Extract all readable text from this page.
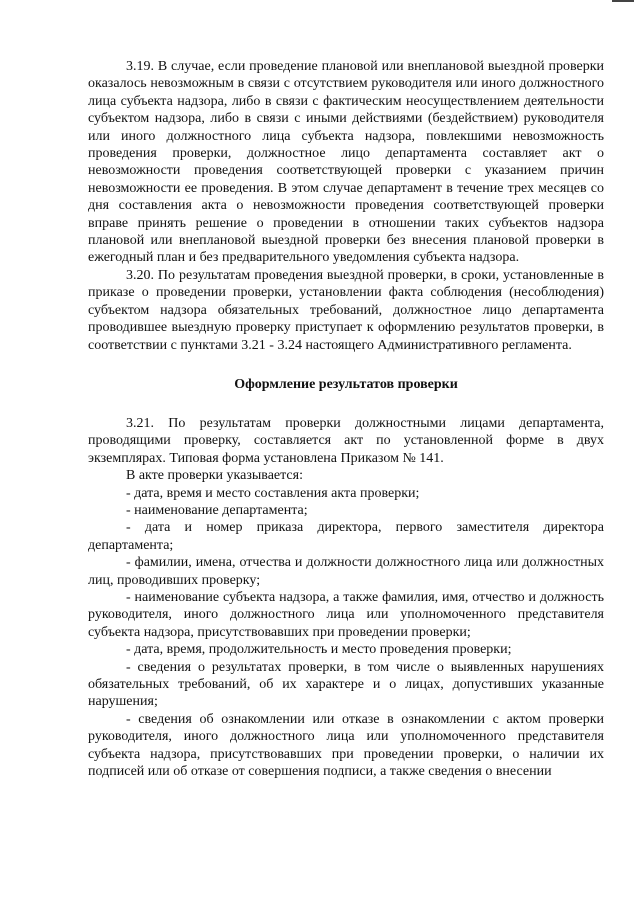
3.19. В случае, если проведение плановой или внеплановой выездной проверки оказалось невозможным в связи с отсутствием руководителя или иного должностного лица субъекта надзора, либо в связи с фактическим неосуществлением деятельности субъектом надзора, либо в связи с иными действиями (бездействием) руководителя или иного должностного лица субъекта надзора, повлекшими невозможность проведения проверки, должностное лицо департамента составляет акт о невозможности проведения соответствующей проверки с указанием причин невозможности ее проведения. В этом случае департамент в течение трех месяцев со дня составления акта о невозможности проведения соответствующей проверки вправе принять решение о проведении в отношении таких субъектов надзора плановой или внеплановой выездной проверки без внесения плановой проверки в ежегодный план и без предварительного уведомления субъекта надзора.

3.20. По результатам проведения выездной проверки, в сроки, установленные в приказе о проведении проверки, установлении факта соблюдения (несоблюдения) субъектом надзора обязательных требований, должностное лицо департамента проводившее выездную проверку приступает к оформлению результатов проверки, в соответствии с пунктами 3.21 - 3.24 настоящего Административного регламента.

Оформление результатов проверки

3.21. По результатам проверки должностными лицами департамента, проводящими проверку, составляется акт по установленной форме в двух экземплярах. Типовая форма установлена Приказом № 141.

В акте проверки указывается:

- дата, время и место составления акта проверки;

- наименование департамента;

- дата и номер приказа директора, первого заместителя директора департамента;

- фамилии, имена, отчества и должности должностного лица или должностных лиц, проводивших проверку;

- наименование субъекта надзора, а также фамилия, имя, отчество и должность руководителя, иного должностного лица или уполномоченного представителя субъекта надзора, присутствовавших при проведении проверки;

- дата, время, продолжительность и место проведения проверки;

- сведения о результатах проверки, в том числе о выявленных нарушениях обязательных требований, об их характере и о лицах, допустивших указанные нарушения;

- сведения об ознакомлении или отказе в ознакомлении с актом проверки руководителя, иного должностного лица или уполномоченного представителя субъекта надзора, присутствовавших при проведении проверки, о наличии их подписей или об отказе от совершения подписи, а также сведения о внесении
